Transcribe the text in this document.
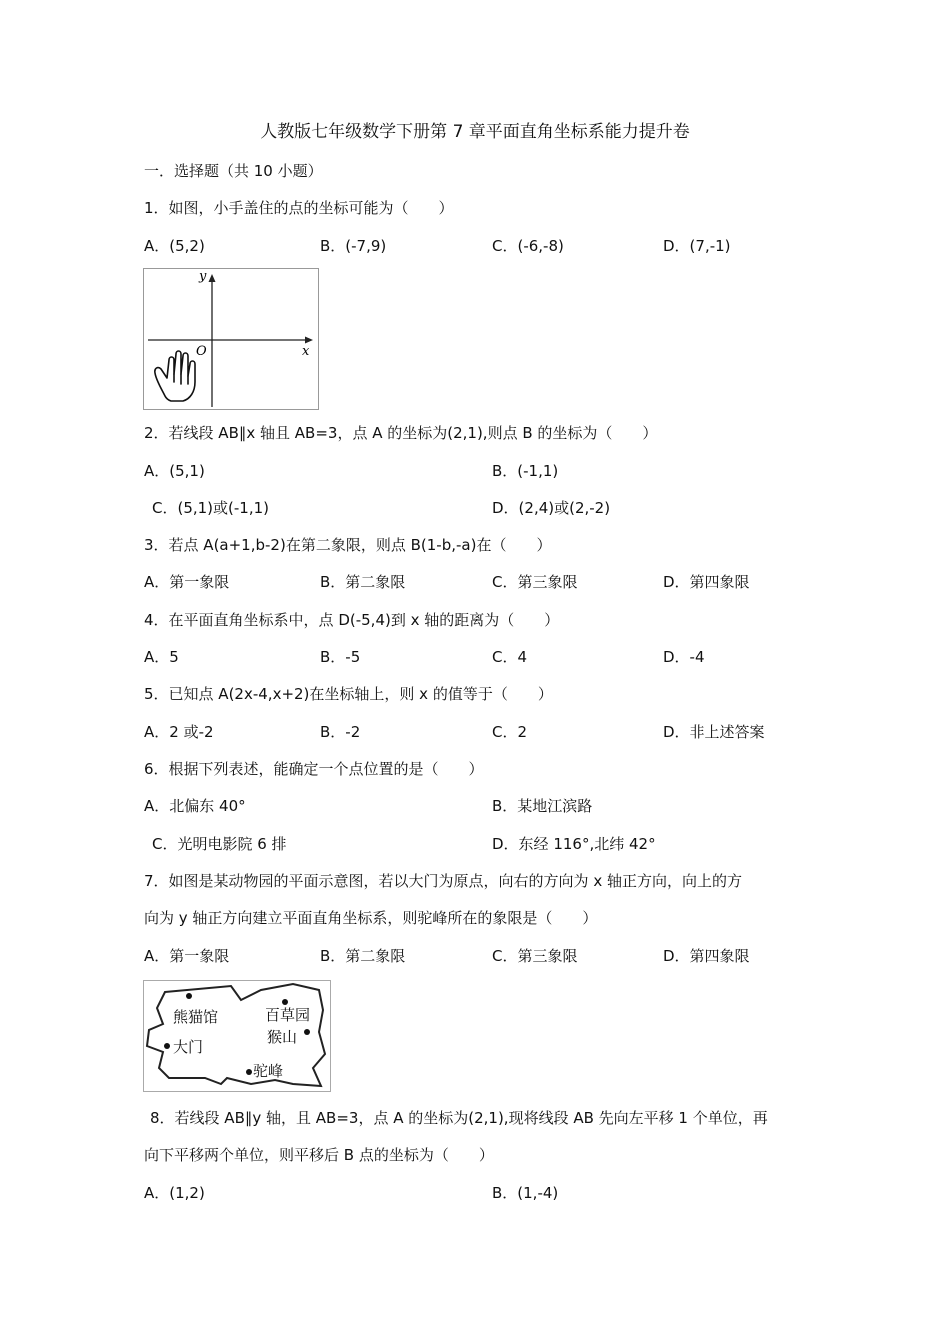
人教版七年级数学下册第 7 章平面直角坐标系能力提升卷
一．选择题（共 10 小题）
1．如图，小手盖住的点的坐标可能为（　　）
A．(5,2)	B．(-7,9)	C．(-6,-8)	D．(7,-1)
y
x
O
2．若线段 AB∥x 轴且 AB=3，点 A 的坐标为(2,1),则点 B 的坐标为（　　）
A．(5,1)	B．(-1,1)
C．(5,1)或(-1,1)	D．(2,4)或(2,-2)
3．若点 A(a+1,b-2)在第二象限，则点 B(1-b,-a)在（　　）
A．第一象限	B．第二象限	C．第三象限	D．第四象限
4．在平面直角坐标系中，点 D(-5,4)到 x 轴的距离为（　　）
A．5	B．-5	C．4	D．-4
5．已知点 A(2x-4,x+2)在坐标轴上，则 x 的值等于（　　）
A．2 或-2	B．-2	C．2	D．非上述答案
6．根据下列表述，能确定一个点位置的是（　　）
A．北偏东 40°	B．某地江滨路
C．光明电影院 6 排	D．东经 116°,北纬 42°
7．如图是某动物园的平面示意图，若以大门为原点，向右的方向为 x 轴正方向，向上的方
向为 y 轴正方向建立平面直角坐标系，则驼峰所在的象限是（　　）
A．第一象限	B．第二象限	C．第三象限	D．第四象限
熊猫馆	百草园
大门
猴山
驼峰
8．若线段 AB∥y 轴，且 AB=3，点 A 的坐标为(2,1),现将线段 AB 先向左平移 1 个单位，再
向下平移两个单位，则平移后 B 点的坐标为（　　）
A．(1,2)	B．(1,-4)
